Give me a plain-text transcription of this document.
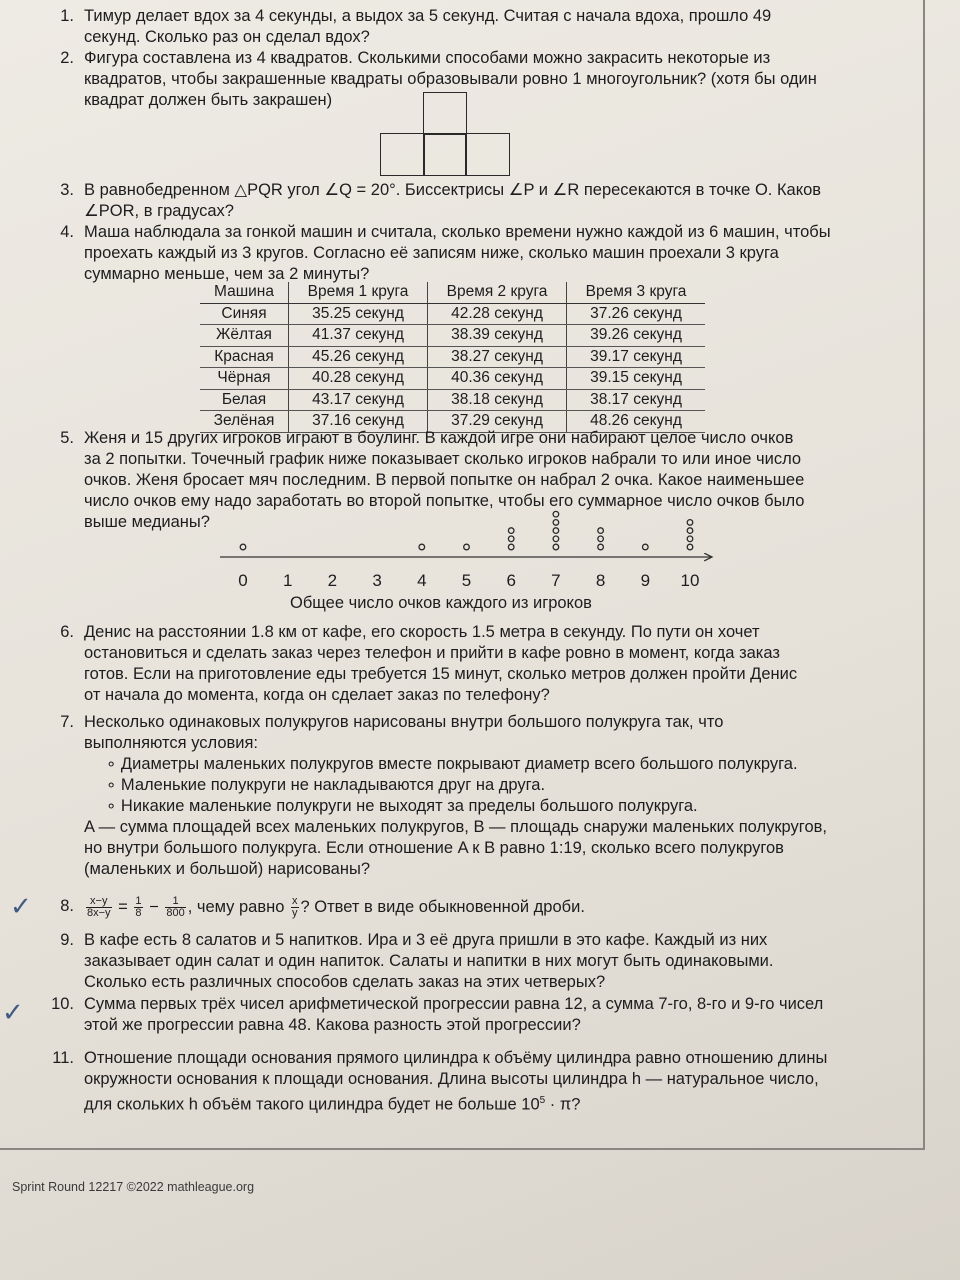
1. Тимур делает вдох за 4 секунды, а выдох за 5 секунд. Считая с начала вдоха, прошло 49
секунд. Сколько раз он сделал вдох?
2. Фигура составлена из 4 квадратов. Сколькими способами можно закрасить некоторые из
квадратов, чтобы закрашенные квадраты образовывали ровно 1 многоугольник? (хотя бы один
квадрат должен быть закрашен)
3. В равнобедренном △PQR угол ∠Q = 20°. Биссектрисы ∠P и ∠R пересекаются в точке O. Каков
∠POR, в градусах?
4. Маша наблюдала за гонкой машин и считала, сколько времени нужно каждой из 6 машин, чтобы
проехать каждый из 3 кругов. Согласно её записям ниже, сколько машин проехали 3 круга
суммарно меньше, чем за 2 минуты?
Машина	Время 1 круга	Время 2 круга	Время 3 круга
Синяя	35.25 секунд	42.28 секунд	37.26 секунд
Жёлтая	41.37 секунд	38.39 секунд	39.26 секунд
Красная	45.26 секунд	38.27 секунд	39.17 секунд
Чёрная	40.28 секунд	40.36 секунд	39.15 секунд
Белая	43.17 секунд	38.18 секунд	38.17 секунд
Зелёная	37.16 секунд	37.29 секунд	48.26 секунд
5. Женя и 15 других игроков играют в боулинг. В каждой игре они набирают целое число очков
за 2 попытки. Точечный график ниже показывает сколько игроков набрали то или иное число
очков. Женя бросает мяч последним. В первой попытке он набрал 2 очка. Какое наименьшее
число очков ему надо заработать во второй попытке, чтобы его суммарное число очков было
выше медианы?
0 1 2 3 4 5 6 7 8 9 10
Общее число очков каждого из игроков
6. Денис на расстоянии 1.8 км от кафе, его скорость 1.5 метра в секунду. По пути он хочет
остановиться и сделать заказ через телефон и прийти в кафе ровно в момент, когда заказ
готов. Если на приготовление еды требуется 15 минут, сколько метров должен пройти Денис
от начала до момента, когда он сделает заказ по телефону?
7. Несколько одинаковых полукругов нарисованы внутри большого полукруга так, что
выполняются условия:
∘ Диаметры маленьких полукругов вместе покрывают диаметр всего большого полукруга.
∘ Маленькие полукруги не накладываются друг на друга.
∘ Никакие маленькие полукруги не выходят за пределы большого полукруга.
A — сумма площадей всех маленьких полукругов, B — площадь снаружи маленьких полукругов,
но внутри большого полукруга. Если отношение A к B равно 1:19, сколько всего полукругов
(маленьких и большой) нарисованы?
✓	8. $\frac{x-y}{8x-y} = \frac{1}{8} - \frac{1}{800}$ , чему равно $\frac{x}{y}$ ? Ответ в виде обыкновенной дроби.
9. В кафе есть 8 салатов и 5 напитков. Ира и 3 её друга пришли в это кафе. Каждый из них
заказывает один салат и один напиток. Салаты и напитки в них могут быть одинаковыми.
Сколько есть различных способов сделать заказ на этих четверых?
✓	10. Сумма первых трёх чисел арифметической прогрессии равна 12, а сумма 7-го, 8-го и 9-го чисел
этой же прогрессии равна 48. Какова разность этой прогрессии?
11. Отношение площади основания прямого цилиндра к объёму цилиндра равно отношению длины
окружности основания к площади основания. Длина высоты цилиндра h — натуральное число,
для скольких h объём такого цилиндра будет не больше $10^5 \cdot \pi$?
Sprint Round 12217 ©2022 mathleague.org
